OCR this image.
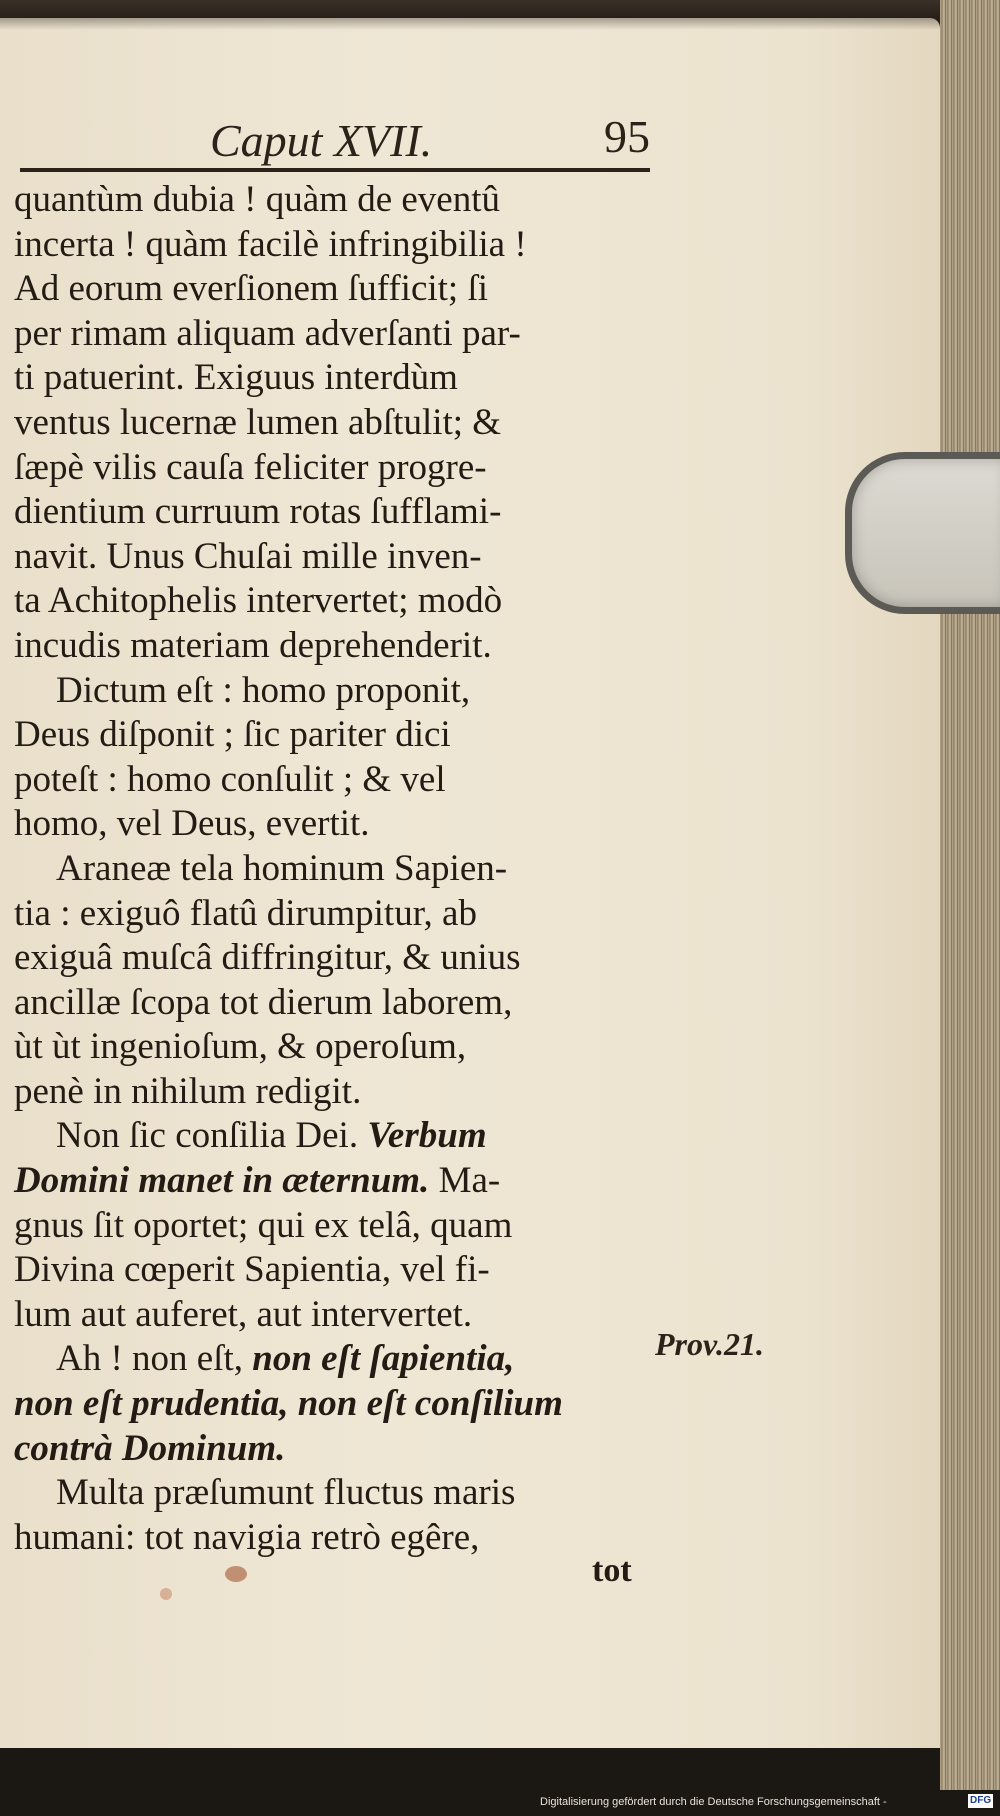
Caput XVII.	95
quantùm dubia ! quàm de eventû
incerta ! quàm facilè infringibilia !
Ad eorum everſionem ſufficit; ſi
per rimam aliquam adverſanti par-
ti patuerint. Exiguus interdùm
ventus lucernæ lumen abſtulit; &
ſæpè vilis cauſa feliciter progre-
dientium curruum rotas ſufflami-
navit. Unus Chuſai mille inven-
ta Achitophelis intervertet; modò
incudis materiam deprehenderit.
Dictum eſt : homo proponit,
Deus diſponit ; ſic pariter dici
poteſt : homo conſulit ; & vel
homo, vel Deus, evertit.
Araneæ tela hominum Sapien-
tia : exiguô flatû dirumpitur, ab
exiguâ muſcâ diffringitur, & unius
ancillæ ſcopa tot dierum laborem,
ùt ùt ingenioſum, & operoſum,
penè in nihilum redigit.
Non ſic conſilia Dei. Verbum
Domini manet in æternum. Ma-
gnus ſit oportet; qui ex telâ, quam
Divina cœperit Sapientia, vel fi-
lum aut auferet, aut intervertet.
Ah ! non eſt, non eſt ſapientia,
non eſt prudentia, non eſt conſilium
contrà Dominum.
Multa præſumunt fluctus maris
humani: tot navigia retrò egêre,
Prov.21.
tot
Digitalisierung gefördert durch die Deutsche Forschungsgemeinschaft -	DFG
